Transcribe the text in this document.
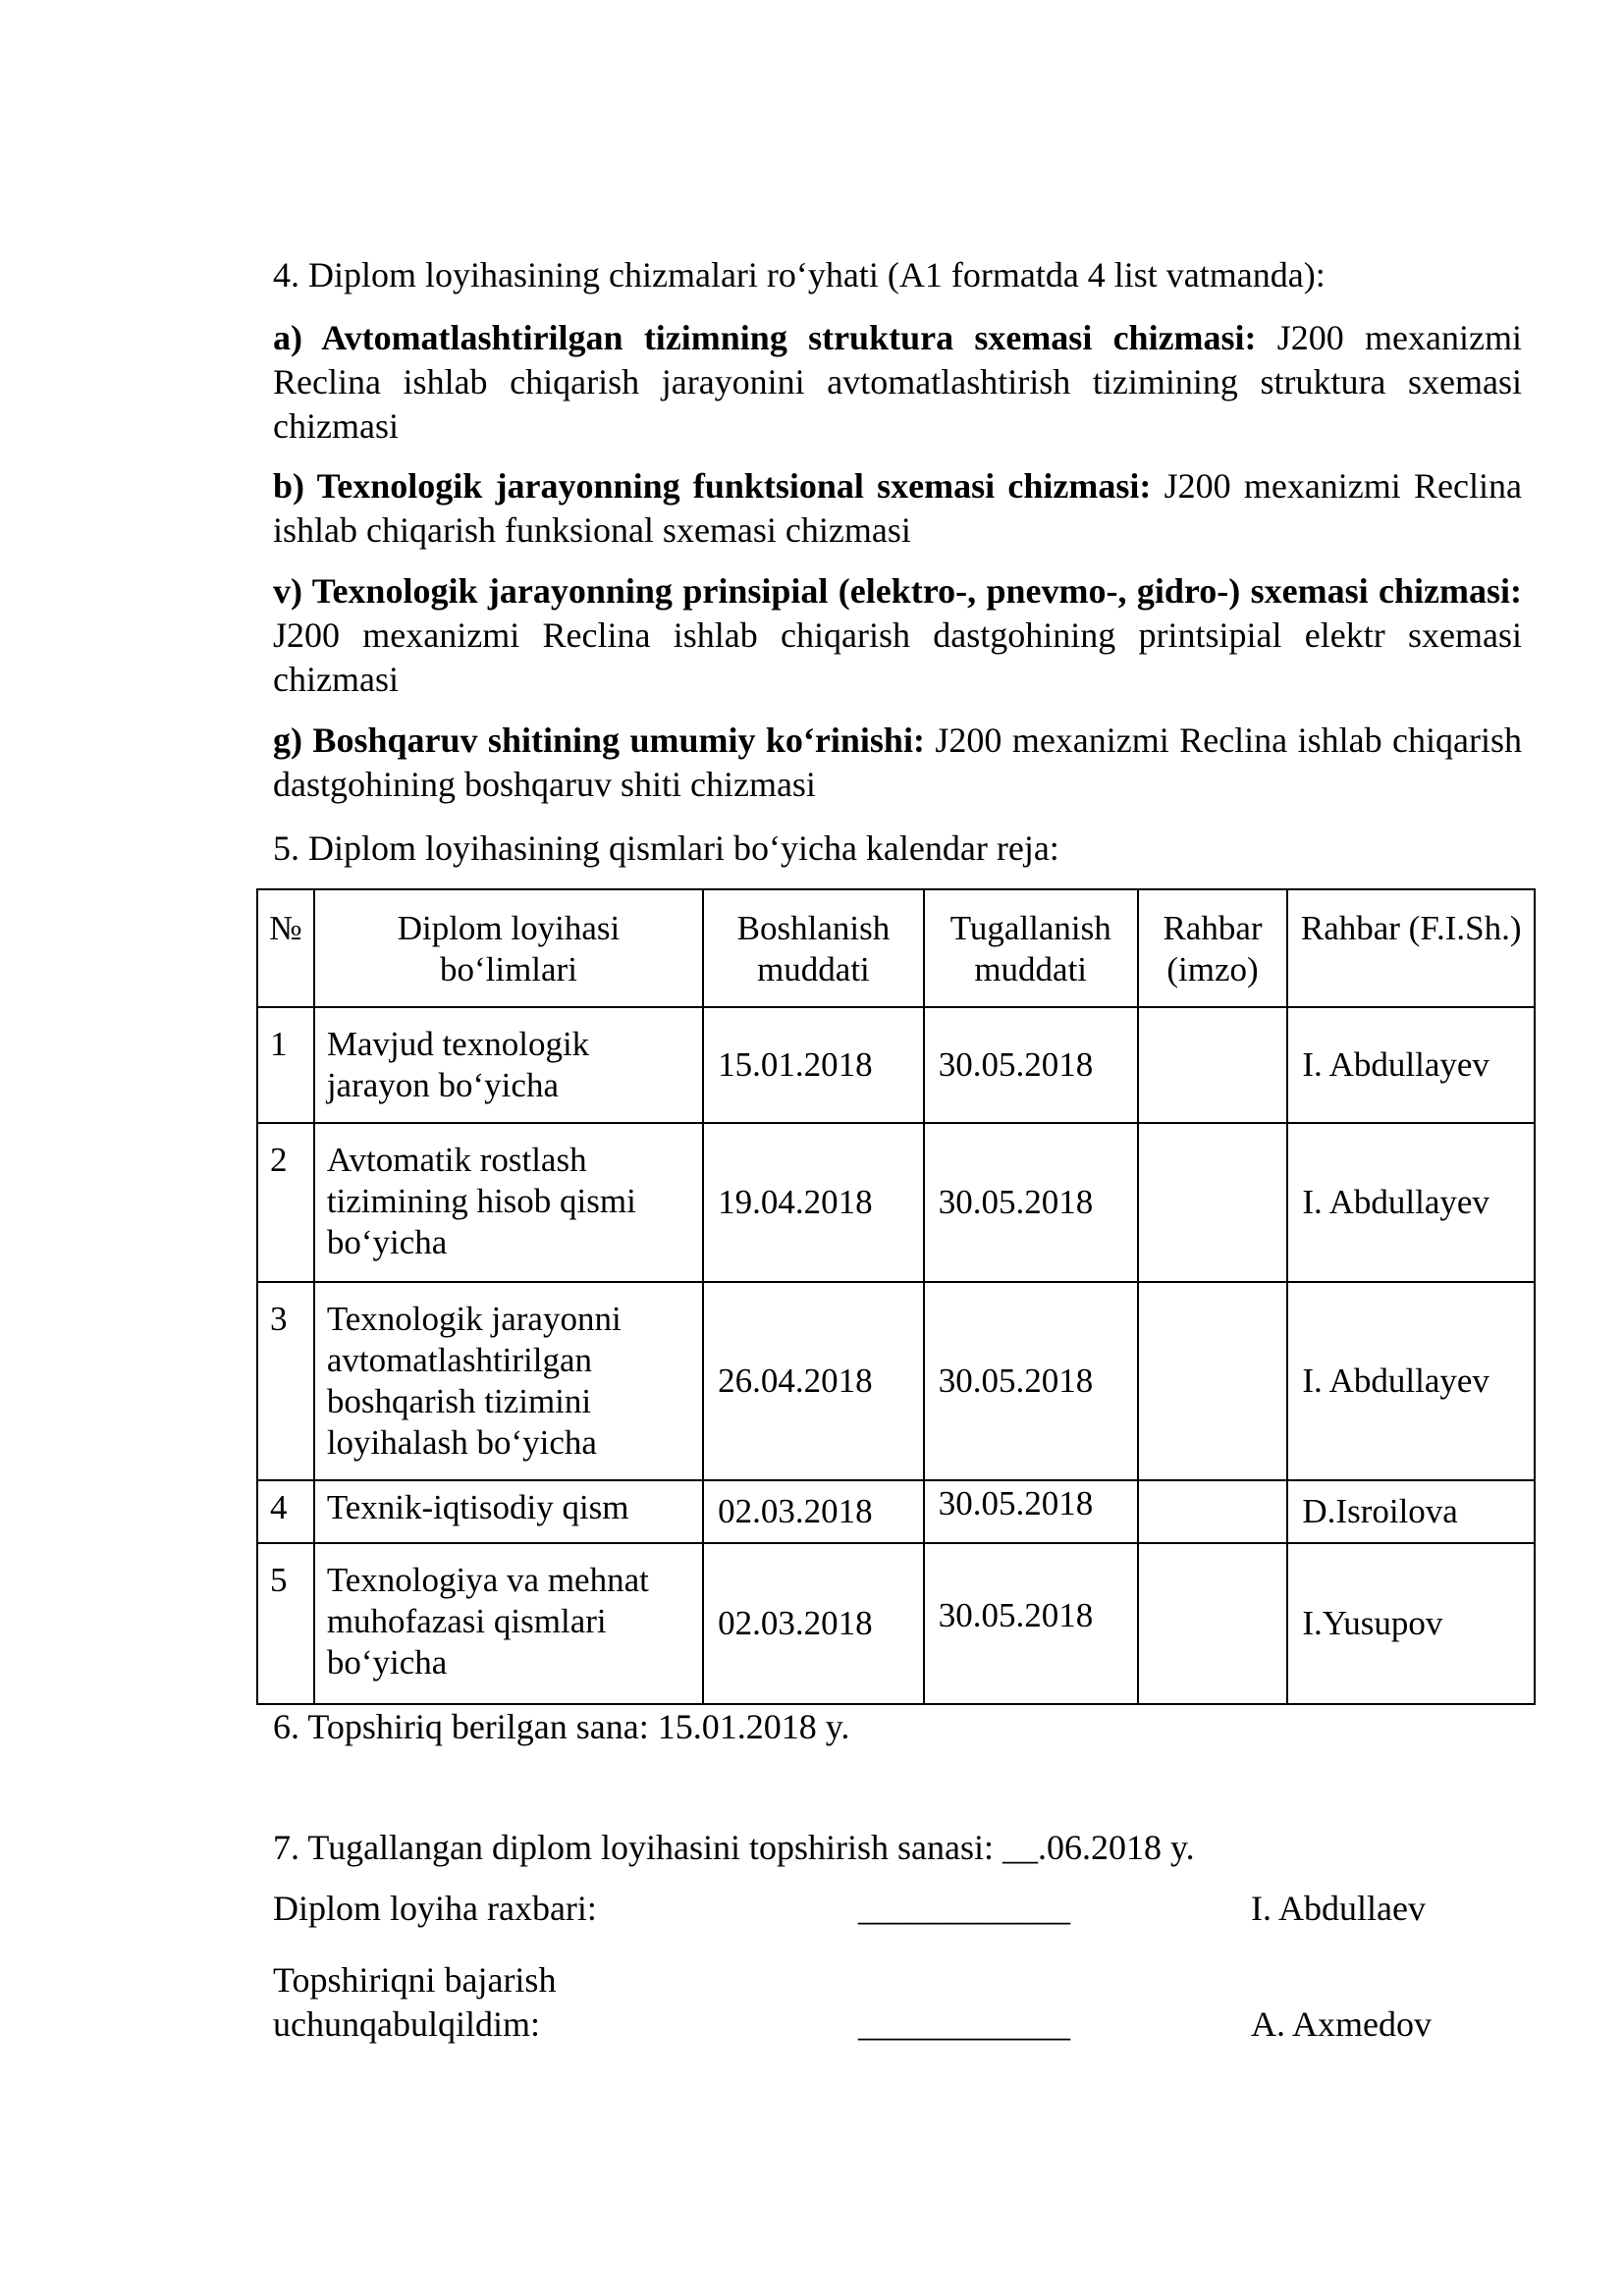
4. Diplom loyihasining chizmalari ro‘yhati (A1 formatda 4 list vatmanda):
a) Avtomatlashtirilgan tizimning struktura sxemasi chizmasi: J200 mexanizmi Reclina ishlab chiqarish jarayonini avtomatlashtirish tizimining struktura sxemasi chizmasi
b) Texnologik jarayonning funktsional sxemasi chizmasi: J200 mexanizmi Reclina ishlab chiqarish funksional sxemasi chizmasi
v) Texnologik jarayonning prinsipial (elektro-, pnevmo-, gidro-) sxemasi chizmasi: J200 mexanizmi Reclina ishlab chiqarish dastgohining printsipial elektr sxemasi chizmasi
g) Boshqaruv shitining umumiy ko‘rinishi: J200 mexanizmi Reclina ishlab chiqarish dastgohining boshqaruv shiti chizmasi
5. Diplom loyihasining qismlari bo‘yicha kalendar reja:
№	Diplom loyihasi bo‘limlari	Boshlanish muddati	Tugallanish muddati	Rahbar (imzo)	Rahbar (F.I.Sh.)
1	Mavjud texnologik jarayon bo‘yicha	15.01.2018	30.05.2018		I. Abdullayev
2	Avtomatik rostlash tizimining hisob qismi bo‘yicha	19.04.2018	30.05.2018		I. Abdullayev
3	Texnologik jarayonni avtomatlashtirilgan boshqarish tizimini loyihalash bo‘yicha	26.04.2018	30.05.2018		I. Abdullayev
4	Texnik-iqtisodiy qism	02.03.2018	30.05.2018		D.Isroilova
5	Texnologiya va mehnat muhofazasi qismlari bo‘yicha	02.03.2018	30.05.2018		I.Yusupov
6. Topshiriq berilgan sana: 15.01.2018 y.
7. Tugallangan diplom loyihasini topshirish sanasi: __.06.2018 y.
Diplom loyiha raxbari:	____________	I. Abdullaev
Topshiriqni bajarish
uchunqabulqildim:	____________	A. Axmedov
